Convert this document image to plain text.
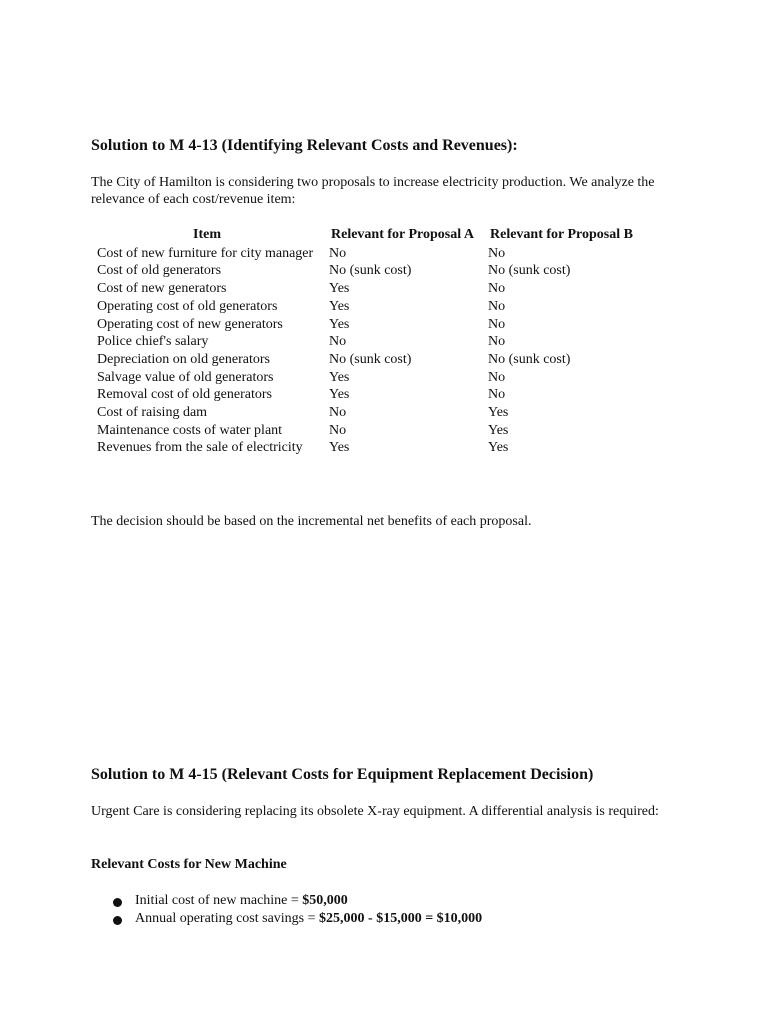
Solution to M 4-13 (Identifying Relevant Costs and Revenues):

The City of Hamilton is considering two proposals to increase electricity production. We analyze the relevance of each cost/revenue item:

Item	Relevant for Proposal A	Relevant for Proposal B
Cost of new furniture for city manager	No	No
Cost of old generators	No (sunk cost)	No (sunk cost)
Cost of new generators	Yes	No
Operating cost of old generators	Yes	No
Operating cost of new generators	Yes	No
Police chief's salary	No	No
Depreciation on old generators	No (sunk cost)	No (sunk cost)
Salvage value of old generators	Yes	No
Removal cost of old generators	Yes	No
Cost of raising dam	No	Yes
Maintenance costs of water plant	No	Yes
Revenues from the sale of electricity	Yes	Yes

The decision should be based on the incremental net benefits of each proposal.

Solution to M 4-15 (Relevant Costs for Equipment Replacement Decision)

Urgent Care is considering replacing its obsolete X-ray equipment. A differential analysis is required:

Relevant Costs for New Machine
Initial cost of new machine = $50,000
Annual operating cost savings = $25,000 - $15,000 = $10,000
